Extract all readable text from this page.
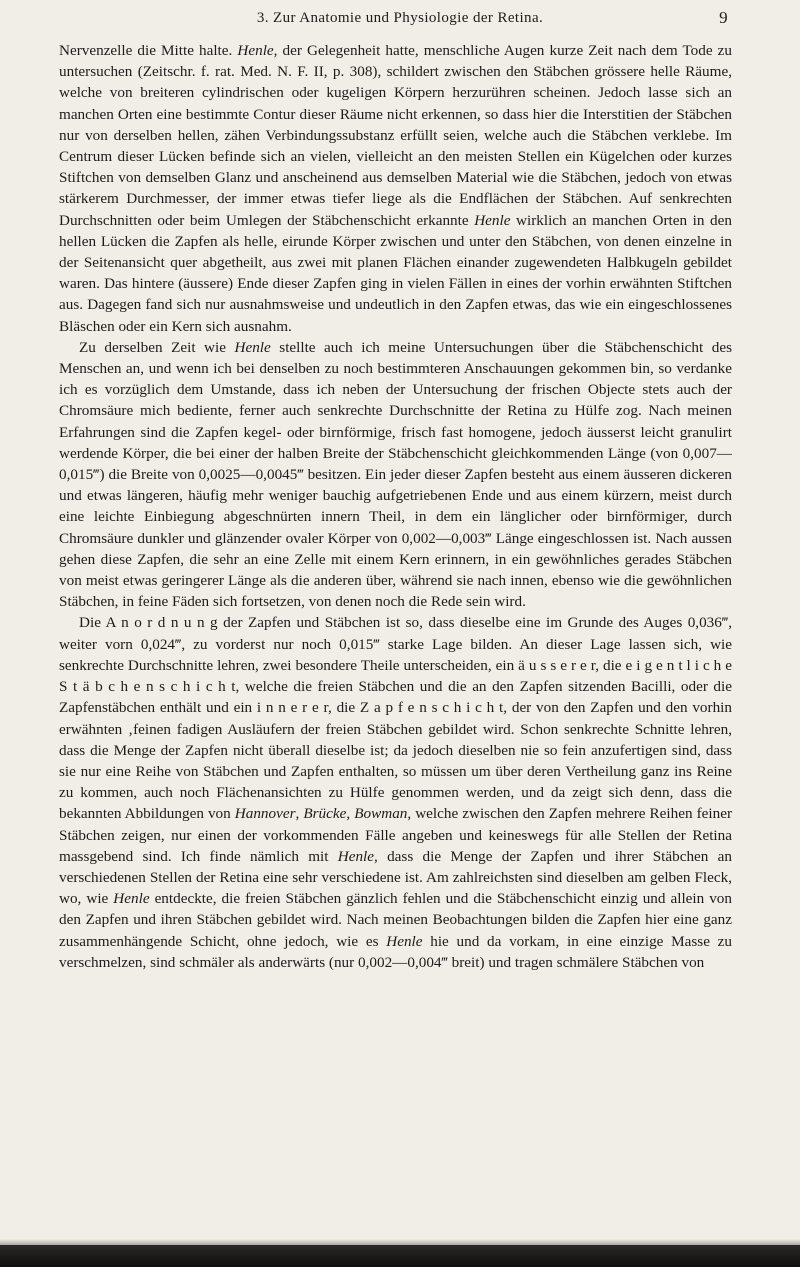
3. Zur Anatomie und Physiologie der Retina.	9

Nervenzelle die Mitte halte. Henle, der Gelegenheit hatte, menschliche Augen kurze Zeit nach dem Tode zu untersuchen (Zeitschr. f. rat. Med. N. F. II, p. 308), schildert zwischen den Stäbchen grössere helle Räume, welche von breiteren cylindrischen oder kugeligen Körpern herzurühren scheinen. Jedoch lasse sich an manchen Orten eine bestimmte Contur dieser Räume nicht erkennen, so dass hier die Interstitien der Stäbchen nur von derselben hellen, zähen Verbindungssubstanz erfüllt seien, welche auch die Stäbchen verklebe. Im Centrum dieser Lücken befinde sich an vielen, vielleicht an den meisten Stellen ein Kügelchen oder kurzes Stiftchen von demselben Glanz und anscheinend aus demselben Material wie die Stäbchen, jedoch von etwas stärkerem Durchmesser, der immer etwas tiefer liege als die Endflächen der Stäbchen. Auf senkrechten Durchschnitten oder beim Umlegen der Stäbchenschicht erkannte Henle wirklich an manchen Orten in den hellen Lücken die Zapfen als helle, eirunde Körper zwischen und unter den Stäbchen, von denen einzelne in der Seitenansicht quer abgetheilt, aus zwei mit planen Flächen einander zugewendeten Halbkugeln gebildet waren. Das hintere (äussere) Ende dieser Zapfen ging in vielen Fällen in eines der vorhin erwähnten Stiftchen aus. Dagegen fand sich nur ausnahmsweise und undeutlich in den Zapfen etwas, das wie ein eingeschlossenes Bläschen oder ein Kern sich ausnahm.

Zu derselben Zeit wie Henle stellte auch ich meine Untersuchungen über die Stäbchenschicht des Menschen an, und wenn ich bei denselben zu noch bestimmteren Anschauungen gekommen bin, so verdanke ich es vorzüglich dem Umstande, dass ich neben der Untersuchung der frischen Objecte stets auch der Chromsäure mich bediente, ferner auch senkrechte Durchschnitte der Retina zu Hülfe zog. Nach meinen Erfahrungen sind die Zapfen kegel- oder birnförmige, frisch fast homogene, jedoch äusserst leicht granulirt werdende Körper, die bei einer der halben Breite der Stäbchenschicht gleichkommenden Länge (von 0,007—0,015‴) die Breite von 0,0025—0,0045‴ besitzen. Ein jeder dieser Zapfen besteht aus einem äusseren dickeren und etwas längeren, häufig mehr weniger bauchig aufgetriebenen Ende und aus einem kürzern, meist durch eine leichte Einbiegung abgeschnürten innern Theil, in dem ein länglicher oder birnförmiger, durch Chromsäure dunkler und glänzender ovaler Körper von 0,002—0,003‴ Länge eingeschlossen ist. Nach aussen gehen diese Zapfen, die sehr an eine Zelle mit einem Kern erinnern, in ein gewöhnliches gerades Stäbchen von meist etwas geringerer Länge als die anderen über, während sie nach innen, ebenso wie die gewöhnlichen Stäbchen, in feine Fäden sich fortsetzen, von denen noch die Rede sein wird.

Die A n o r d n u n g der Zapfen und Stäbchen ist so, dass dieselbe eine im Grunde des Auges 0,036‴, weiter vorn 0,024‴, zu vorderst nur noch 0,015‴ starke Lage bilden. An dieser Lage lassen sich, wie senkrechte Durchschnitte lehren, zwei besondere Theile unterscheiden, ein ä u s s e r e r, die e i g e n t l i c h e S t ä b c h e n s c h i c h t, welche die freien Stäbchen und die an den Zapfen sitzenden Bacilli, oder die Zapfenstäbchen enthält und ein i n n e r e r, die Z a p f e n s c h i c h t, der von den Zapfen und den vorhin erwähnten ‚feinen fadigen Ausläufern der freien Stäbchen gebildet wird. Schon senkrechte Schnitte lehren, dass die Menge der Zapfen nicht überall dieselbe ist; da jedoch dieselben nie so fein anzufertigen sind, dass sie nur eine Reihe von Stäbchen und Zapfen enthalten, so müssen um über deren Vertheilung ganz ins Reine zu kommen, auch noch Flächenansichten zu Hülfe genommen werden, und da zeigt sich denn, dass die bekannten Abbildungen von Hannover, Brücke, Bowman, welche zwischen den Zapfen mehrere Reihen feiner Stäbchen zeigen, nur einen der vorkommenden Fälle angeben und keineswegs für alle Stellen der Retina massgebend sind. Ich finde nämlich mit Henle, dass die Menge der Zapfen und ihrer Stäbchen an verschiedenen Stellen der Retina eine sehr verschiedene ist. Am zahlreichsten sind dieselben am gelben Fleck, wo, wie Henle entdeckte, die freien Stäbchen gänzlich fehlen und die Stäbchenschicht einzig und allein von den Zapfen und ihren Stäbchen gebildet wird. Nach meinen Beobachtungen bilden die Zapfen hier eine ganz zusammenhängende Schicht, ohne jedoch, wie es Henle hie und da vorkam, in eine einzige Masse zu verschmelzen, sind schmäler als anderwärts (nur 0,002—0,004‴ breit) und tragen schmälere Stäbchen von
